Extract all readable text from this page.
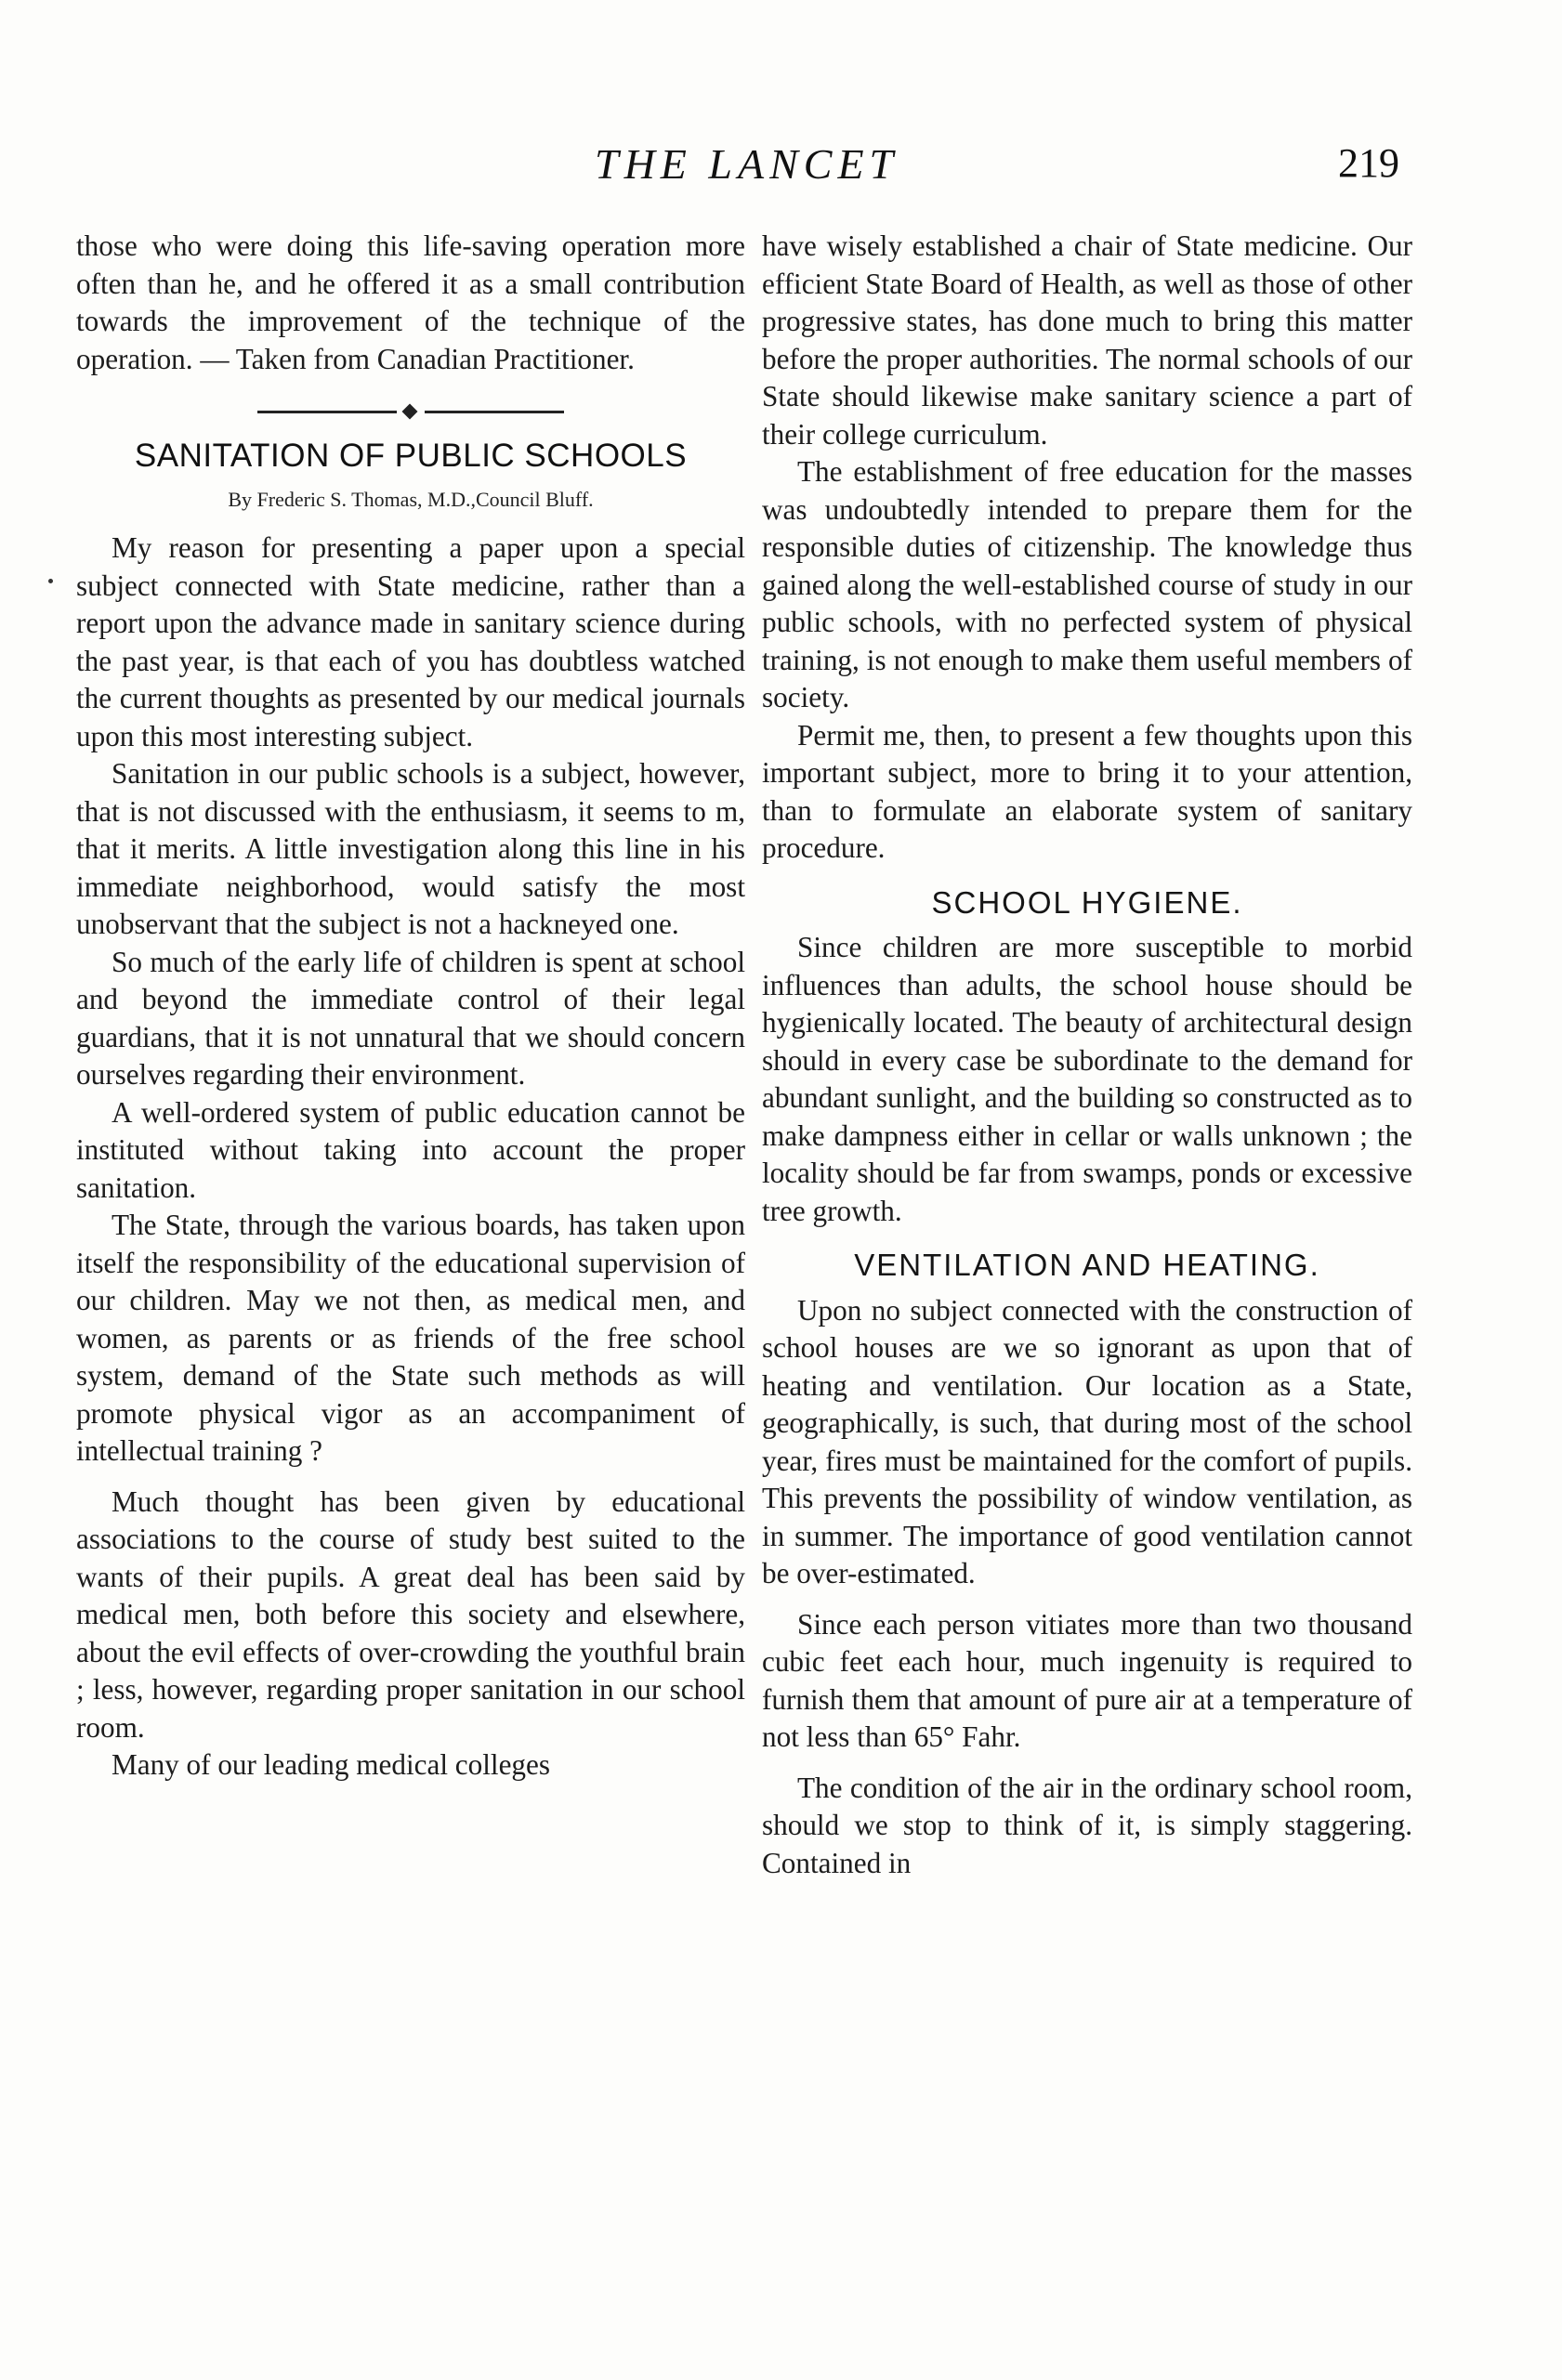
THE LANCET	219

those who were doing this life-saving operation more often than he, and he offered it as a small contribution towards the improvement of the technique of the operation. — Taken from Canadian Practitioner.

SANITATION OF PUBLIC SCHOOLS
By Frederic S. Thomas, M.D.,Council Bluff.

My reason for presenting a paper upon a special subject connected with State medicine, rather than a report upon the advance made in sanitary science during the past year, is that each of you has doubtless watched the current thoughts as presented by our medical journals upon this most interesting subject.

Sanitation in our public schools is a subject, however, that is not discussed with the enthusiasm, it seems to m, that it merits. A little investigation along this line in his immediate neighborhood, would satisfy the most unobservant that the subject is not a hackneyed one.

So much of the early life of children is spent at school and beyond the immediate control of their legal guardians, that it is not unnatural that we should concern ourselves regarding their environment.

A well-ordered system of public education cannot be instituted without taking into account the proper sanitation.

The State, through the various boards, has taken upon itself the responsibility of the educational supervision of our children. May we not then, as medical men, and women, as parents or as friends of the free school system, demand of the State such methods as will promote physical vigor as an accompaniment of intellectual training ?

Much thought has been given by educational associations to the course of study best suited to the wants of their pupils. A great deal has been said by medical men, both before this society and elsewhere, about the evil effects of over-crowding the youthful brain ; less, however, regarding proper sanitation in our school room.

Many of our leading medical colleges

have wisely established a chair of State medicine. Our efficient State Board of Health, as well as those of other progressive states, has done much to bring this matter before the proper authorities. The normal schools of our State should likewise make sanitary science a part of their college curriculum.

The establishment of free education for the masses was undoubtedly intended to prepare them for the responsible duties of citizenship. The knowledge thus gained along the well-established course of study in our public schools, with no perfected system of physical training, is not enough to make them useful members of society.

Permit me, then, to present a few thoughts upon this important subject, more to bring it to your attention, than to formulate an elaborate system of sanitary procedure.

SCHOOL HYGIENE.

Since children are more susceptible to morbid influences than adults, the school house should be hygienically located. The beauty of architectural design should in every case be subordinate to the demand for abundant sunlight, and the building so constructed as to make dampness either in cellar or walls unknown ; the locality should be far from swamps, ponds or excessive tree growth.

VENTILATION AND HEATING.

Upon no subject connected with the construction of school houses are we so ignorant as upon that of heating and ventilation. Our location as a State, geographically, is such, that during most of the school year, fires must be maintained for the comfort of pupils. This prevents the possibility of window ventilation, as in summer. The importance of good ventilation cannot be over-estimated.

Since each person vitiates more than two thousand cubic feet each hour, much ingenuity is required to furnish them that amount of pure air at a temperature of not less than 65° Fahr.

The condition of the air in the ordinary school room, should we stop to think of it, is simply staggering. Contained in
